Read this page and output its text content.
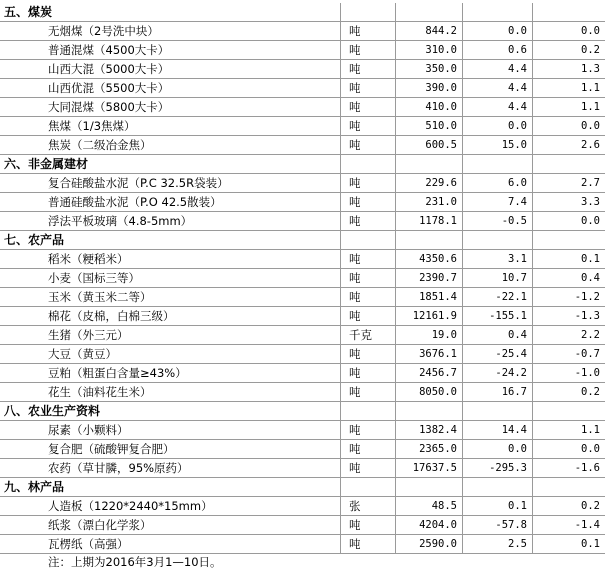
五、煤炭
无烟煤（2号洗中块）	吨	844.2	0.0	0.0
普通混煤（4500大卡）	吨	310.0	0.6	0.2
山西大混（5000大卡）	吨	350.0	4.4	1.3
山西优混（5500大卡）	吨	390.0	4.4	1.1
大同混煤（5800大卡）	吨	410.0	4.4	1.1
焦煤（1/3焦煤）	吨	510.0	0.0	0.0
焦炭（二级冶金焦）	吨	600.5	15.0	2.6
六、非金属建材
复合硅酸盐水泥（P.C 32.5R袋装）	吨	229.6	6.0	2.7
普通硅酸盐水泥（P.O 42.5散装）	吨	231.0	7.4	3.3
浮法平板玻璃（4.8-5mm）	吨	1178.1	-0.5	0.0
七、农产品
稻米（粳稻米）	吨	4350.6	3.1	0.1
小麦（国标三等）	吨	2390.7	10.7	0.4
玉米（黄玉米二等）	吨	1851.4	-22.1	-1.2
棉花（皮棉，白棉三级）	吨	12161.9	-155.1	-1.3
生猪（外三元）	千克	19.0	0.4	2.2
大豆（黄豆）	吨	3676.1	-25.4	-0.7
豆粕（粗蛋白含量≥43%）	吨	2456.7	-24.2	-1.0
花生（油料花生米）	吨	8050.0	16.7	0.2
八、农业生产资料
尿素（小颗料）	吨	1382.4	14.4	1.1
复合肥（硫酸钾复合肥）	吨	2365.0	0.0	0.0
农药（草甘膦，95%原药）	吨	17637.5	-295.3	-1.6
九、林产品
人造板（1220*2440*15mm）	张	48.5	0.1	0.2
纸浆（漂白化学浆）	吨	4204.0	-57.8	-1.4
瓦楞纸（高强）	吨	2590.0	2.5	0.1
注：上期为2016年3月1—10日。
